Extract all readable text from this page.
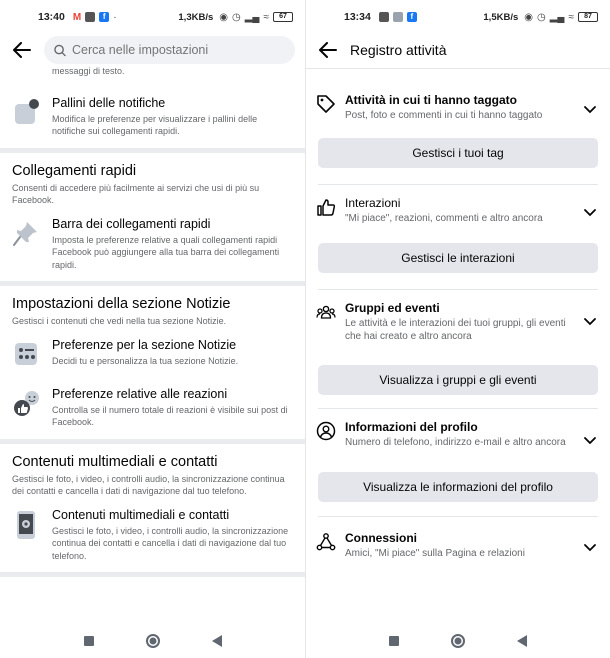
13:40 M	f ·	1,3KB/s ◉ ◷ ▂▄ ≈	67
Cerca nelle impostazioni
messaggi di testo.
Pallini delle notifiche
Modifica le preferenze per visualizzare i pallini delle notifiche sui collegamenti rapidi.
Collegamenti rapidi
Consenti di accedere più facilmente ai servizi che usi di più su Facebook.
Barra dei collegamenti rapidi
Imposta le preferenze relative a quali collegamenti rapidi Facebook può aggiungere alla tua barra dei collegamenti rapidi.
Impostazioni della sezione Notizie
Gestisci i contenuti che vedi nella tua sezione Notizie.
Preferenze per la sezione Notizie
Decidi tu e personalizza la tua sezione Notizie.
Preferenze relative alle reazioni
Controlla se il numero totale di reazioni è visibile sui post di Facebook.
Contenuti multimediali e contatti
Gestisci le foto, i video, i controlli audio, la sincronizzazione continua dei contatti e cancella i dati di navigazione dal tuo telefono.
Contenuti multimediali e contatti
Gestisci le foto, i video, i controlli audio, la sincronizzazione continua dei contatti e cancella i dati di navigazione dal tuo telefono.
13:34	f	1,5KB/s ◉ ◷ ▂▄ ≈	87
Registro attività
Attività in cui ti hanno taggato
Post, foto e commenti in cui ti hanno taggato
Gestisci i tuoi tag
Interazioni
"Mi piace", reazioni, commenti e altro ancora
Gestisci le interazioni
Gruppi ed eventi
Le attività e le interazioni dei tuoi gruppi, gli eventi che hai creato e altro ancora
Visualizza i gruppi e gli eventi
Informazioni del profilo
Numero di telefono, indirizzo e-mail e altro ancora
Visualizza le informazioni del profilo
Connessioni
Amici, "Mi piace" sulla Pagina e relazioni
